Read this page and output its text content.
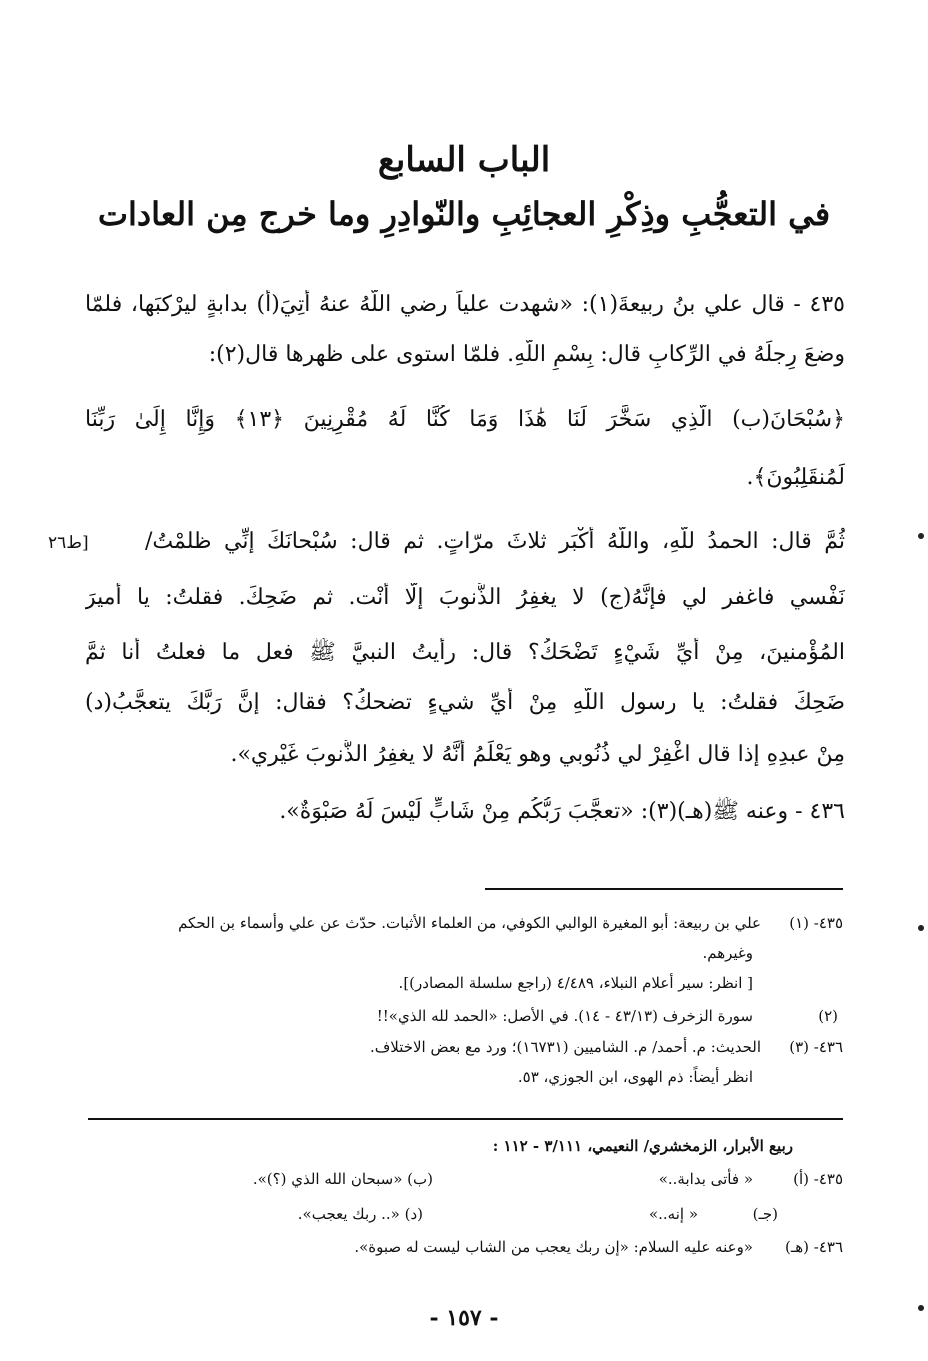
الباب السابع
في التعجُّبِ وذِكْرِ العجائِبِ والنّوادِرِ وما خرج مِن العادات
٤٣٥ - قال علي بنُ ربيعةَ(١): «شهدت علياً رضي اللّهُ عنهُ أُتِيَ(أ) بدابةٍ ليرْكبَها، فلمّا
وضعَ رِجلَهُ في الرِّكابِ قال: بِسْمِ اللّهِ. فلمّا استوى على ظهرها قال(٢):
﴿سُبْحَانَ(ب) الَّذِي سَخَّرَ لَنَا هَٰذَا وَمَا كُنَّا لَهُ مُقْرِنِينَ ﴿١٣﴾ وَإِنَّا إِلَىٰ رَبِّنَا
لَمُنقَلِبُونَ﴾.
ثُمَّ قال: الحمدُ للّهِ، واللّهُ أكْبَر ثلاثَ مرّاتٍ. ثم قال: سُبْحانَكَ إنِّي ظلمْتُ/
نَفْسي فاغفر لي فإنَّهُ(ج) لا يغفِرُ الذُّنوبَ إلّا أَنْت. ثم ضَحِكَ. فقلتُ: يا أميرَ
المُؤْمنينَ، مِنْ أيِّ شَيْءٍ تَضْحَكُ؟ قال: رأيتُ النبيَّ ﷺ فعل ما فعلتُ أنا ثمَّ
ضَحِكَ فقلتُ: يا رسول اللّهِ مِنْ أيِّ شيءٍ تضحكُ؟ فقال: إنَّ رَبَّكَ يتعجَّبُ(د)
مِنْ عبدِهِ إذا قال اغْفِرْ لي ذُنُوبي وهو يَعْلَمُ أنَّهُ لا يغفِرُ الذُّنوبَ غَيْري».
٤٣٦ - وعنه ﷺ(هـ)(٣): «تعجَّبَ رَبُّكُم مِنْ شَابٍّ لَيْسَ لَهُ صَبْوَةٌ».
[ط٢٦
٤٣٥- (١)علي بن ربيعة: أبو المغيرة الوالبي الكوفي، من العلماء الأثبات. حدّث عن علي وأسماء بن الحكم
وغيرهم.
[ انظر: سير أعلام النبلاء، ٤/٤٨٩ (راجع سلسلة المصادر)].
(٢)سورة الزخرف (٤٣/١٣ - ١٤). في الأصل: «الحمد لله الذي»!!
٤٣٦- (٣)الحديث: م. أحمد/ م. الشاميين (١٦٧٣١)؛ ورد مع بعض الاختلاف.
انظر أيضاً: ذم الهوى، ابن الجوزي، ٥٣.
ربيع الأبرار، الزمخشري/ النعيمي، ٣/١١١ - ١١٢ :
٤٣٥- (أ)
« فأتى بدابة..»
(ب) «سبحان الله الذي (؟)».
(جـ)
« إنه..»
(د) «.. ربك يعجب».
٤٣٦- (هـ)
«وعنه عليه السلام: «إن ربك يعجب من الشاب ليست له صبوة».
- ١٥٧ -
